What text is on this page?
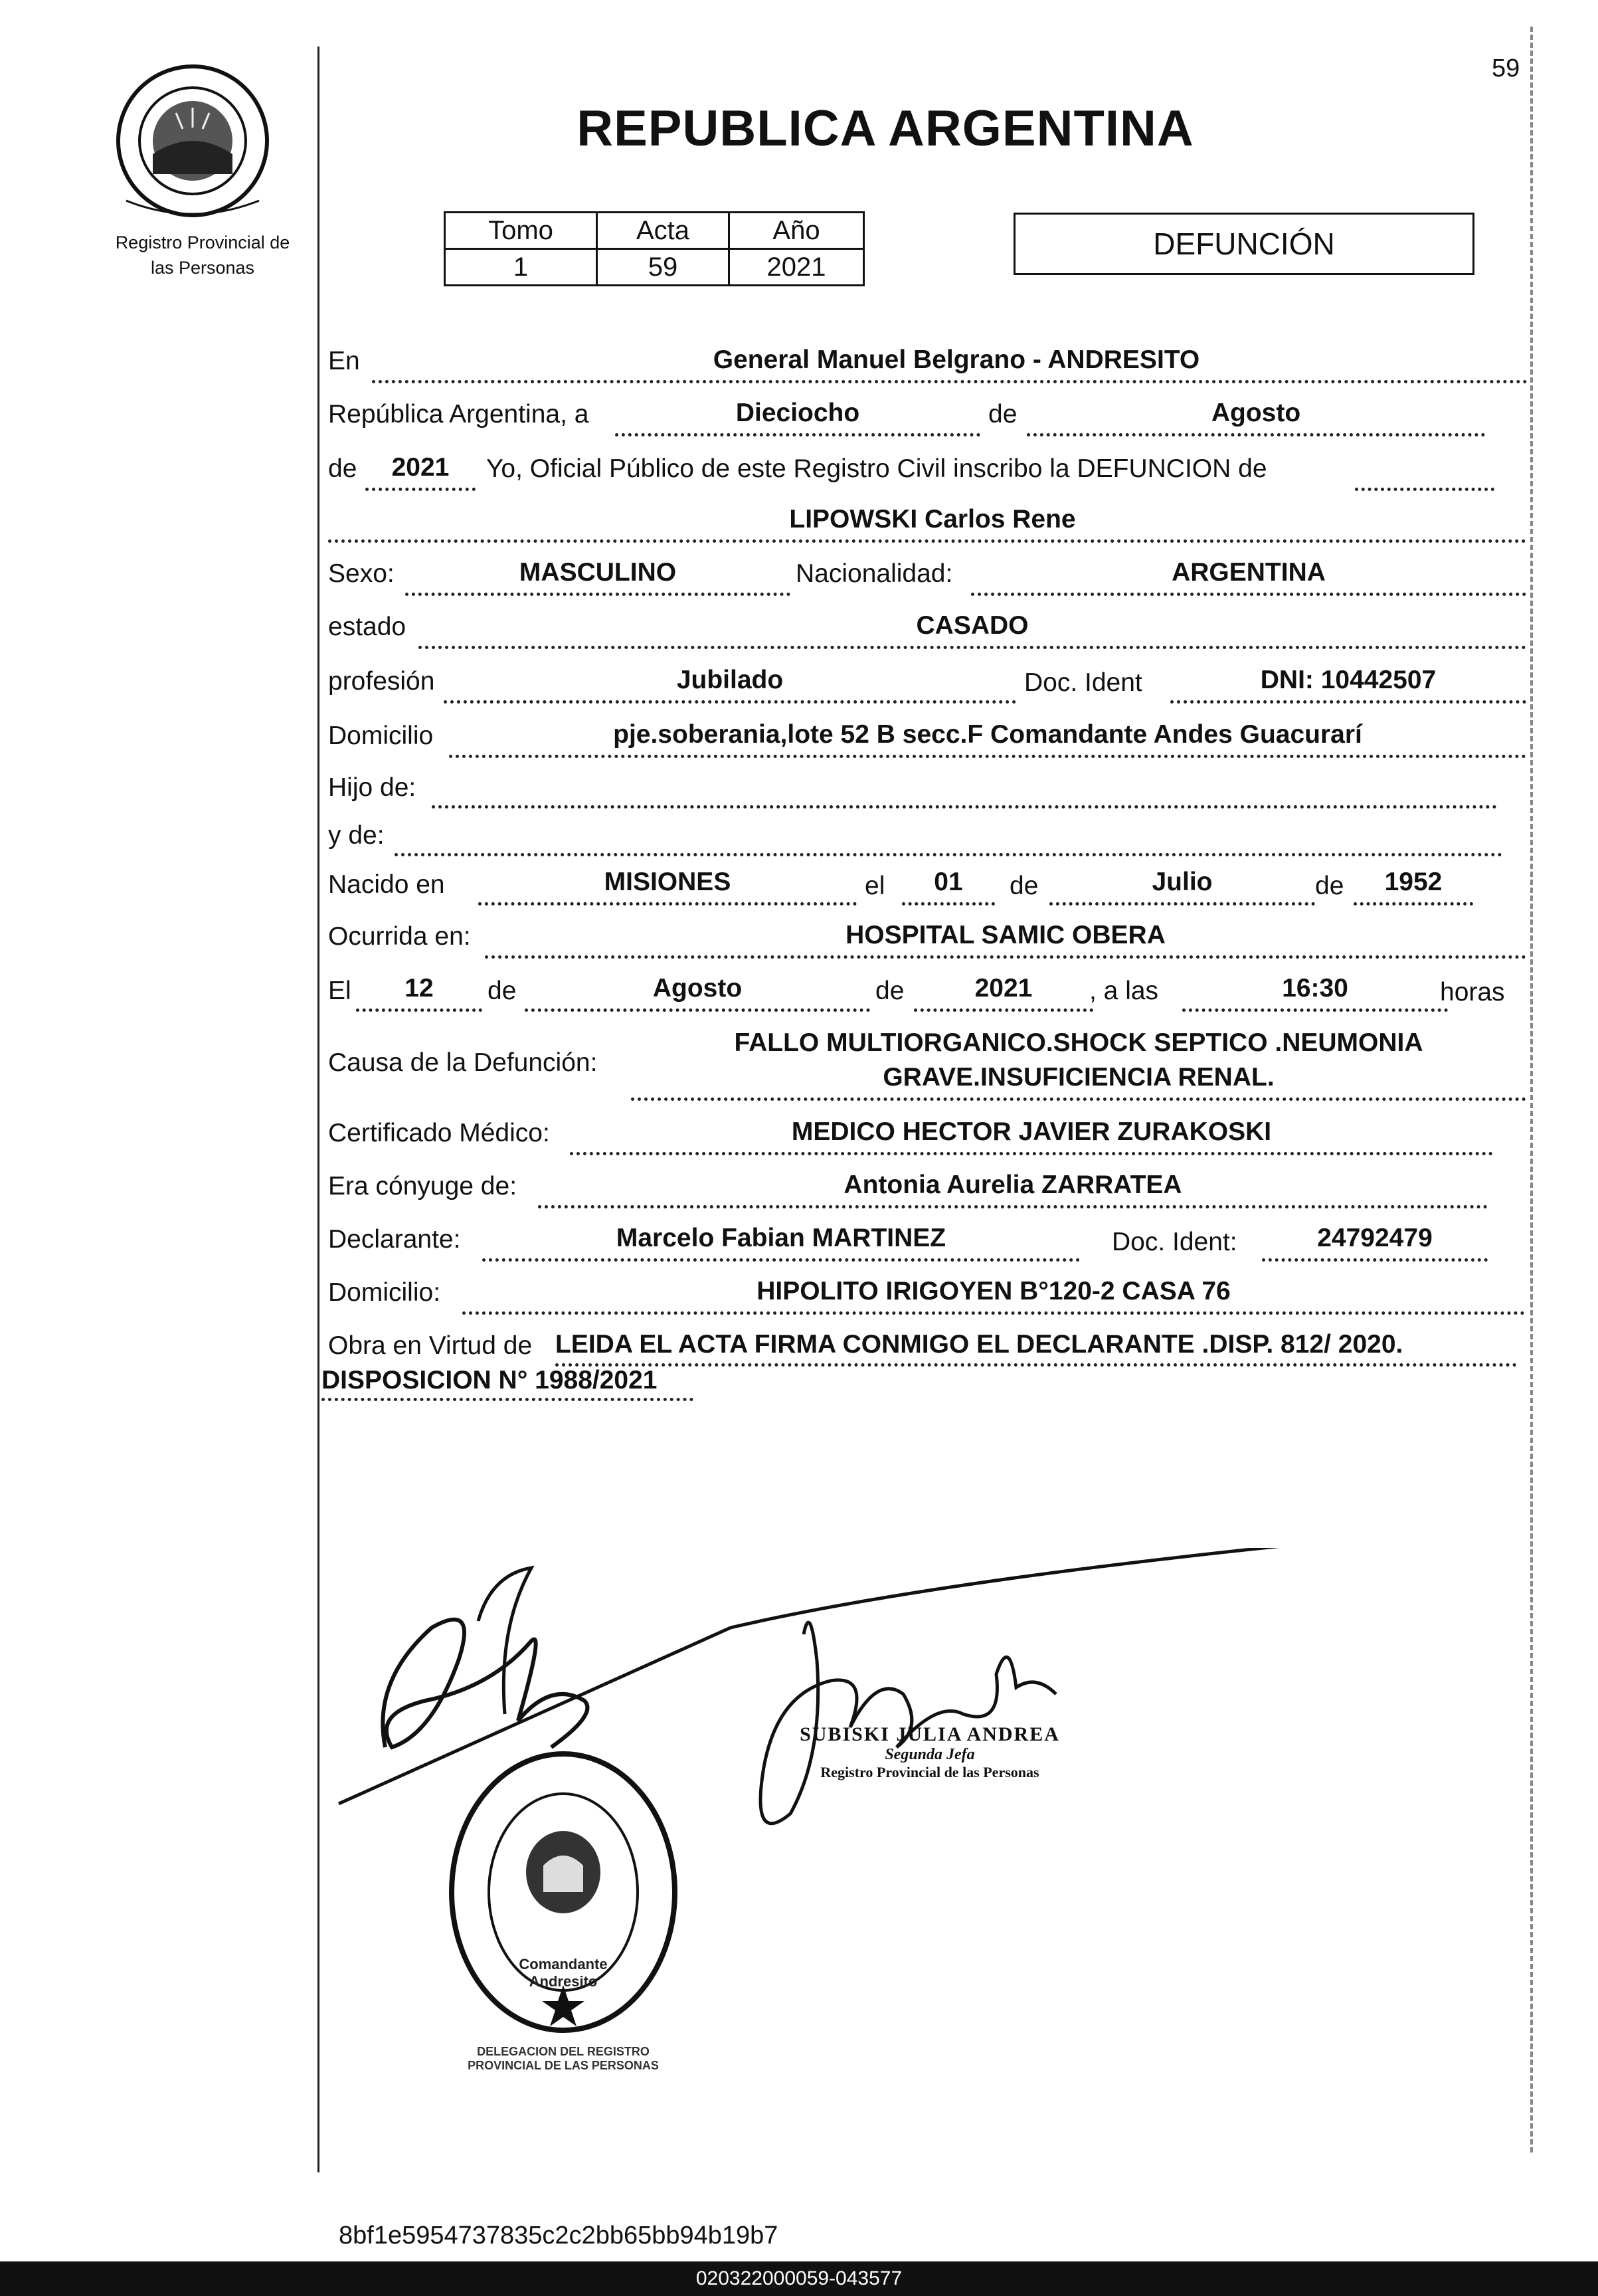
Registro Provincial de
las Personas
59
REPUBLICA ARGENTINA
Tomo	Acta	Año
1	59	2021
DEFUNCIÓN
En	General Manuel Belgrano - ANDRESITO
República Argentina, a	Dieciocho	de	Agosto
de	2021	Yo, Oficial Público de este Registro Civil inscribo la DEFUNCION de
LIPOWSKI Carlos Rene
Sexo:	MASCULINO	Nacionalidad:	ARGENTINA
estado	CASADO
profesión	Jubilado	Doc. Ident	DNI: 10442507
Domicilio	pje.soberania,lote 52 B secc.F Comandante Andes Guacurarí
Hijo de:
y de:
Nacido en	MISIONES	el	01	de	Julio	de	1952
Ocurrida en:	HOSPITAL SAMIC OBERA
El	12	de	Agosto	de	2021	, a las	16:30	horas
Causa de la Defunción:
FALLO MULTIORGANICO.SHOCK SEPTICO .NEUMONIA
GRAVE.INSUFICIENCIA RENAL.
Certificado Médico:	MEDICO HECTOR JAVIER ZURAKOSKI
Era cónyuge de:	Antonia Aurelia ZARRATEA
Declarante:	Marcelo Fabian MARTINEZ	Doc. Ident:	24792479
Domicilio:	HIPOLITO IRIGOYEN B°120-2 CASA 76
Obra en Virtud de LEIDA EL ACTA FIRMA CONMIGO EL DECLARANTE .DISP. 812/ 2020.
DISPOSICION N° 1988/2021
SUBISKI JULIA ANDREA
Segunda Jefa
Registro Provincial de las Personas
DELEGACION DEL REGISTRO PROVINCIAL DE LAS PERSONAS
Comandante Andresito
8bf1e5954737835c2c2bb65bb94b19b7
020322000059-043577
